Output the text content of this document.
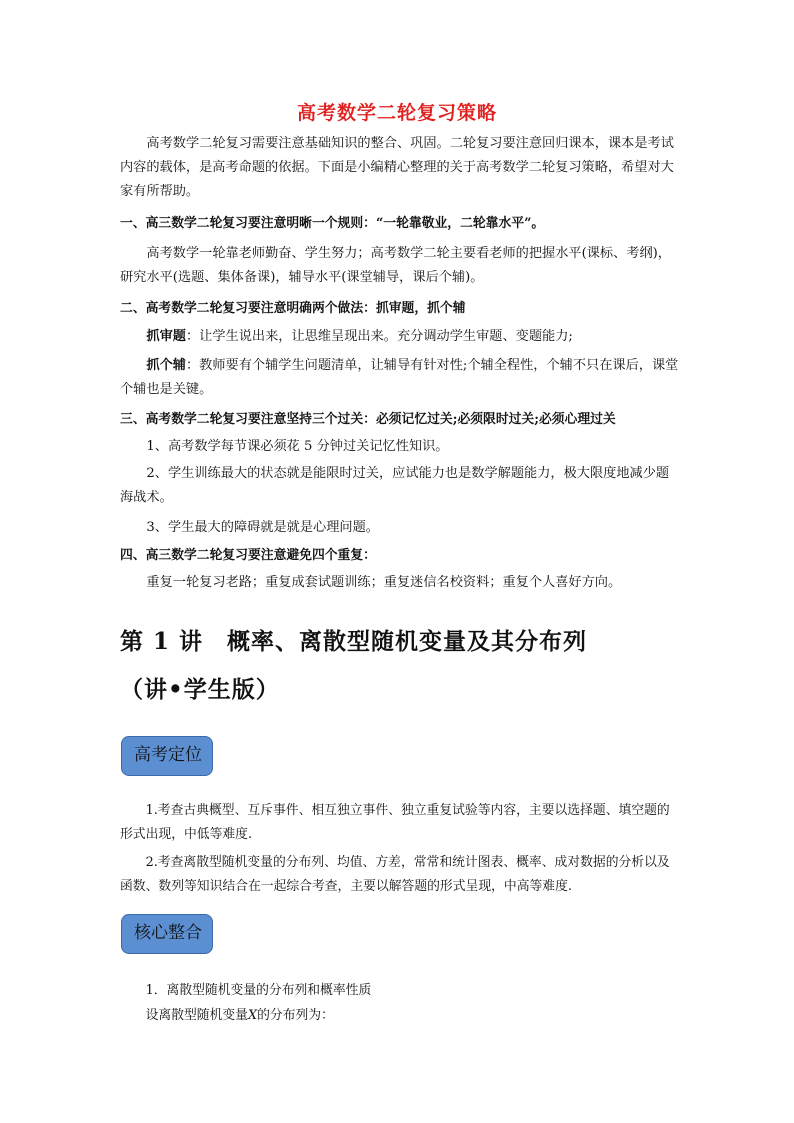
高考数学二轮复习策略
高考数学二轮复习需要注意基础知识的整合、巩固。二轮复习要注意回归课本，课本是考试内容的载体，是高考命题的依据。下面是小编精心整理的关于高考数学二轮复习策略，希望对大家有所帮助。
一、高三数学二轮复习要注意明晰一个规则：“一轮靠敬业，二轮靠水平”。
高考数学一轮靠老师勤奋、学生努力；高考数学二轮主要看老师的把握水平(课标、考纲)，研究水平(选题、集体备课)，辅导水平(课堂辅导，课后个辅)。
二、高考数学二轮复习要注意明确两个做法：抓审题，抓个辅
抓审题：让学生说出来，让思维呈现出来。充分调动学生审题、变题能力;
抓个辅：教师要有个辅学生问题清单，让辅导有针对性;个辅全程性，个辅不只在课后，课堂个辅也是关键。
三、高考数学二轮复习要注意坚持三个过关：必须记忆过关;必须限时过关;必须心理过关
1、高考数学每节课必须花 5 分钟过关记忆性知识。
2、学生训练最大的状态就是能限时过关，应试能力也是数学解题能力，极大限度地减少题海战术。
3、学生最大的障碍就是就是心理问题。
四、高三数学二轮复习要注意避免四个重复：
重复一轮复习老路；重复成套试题训练；重复迷信名校资料；重复个人喜好方向。
第 1 讲　概率、离散型随机变量及其分布列
（讲•学生版）
高考定位
1.考查古典概型、互斥事件、相互独立事件、独立重复试验等内容，主要以选择题、填空题的形式出现，中低等难度.
2.考查离散型随机变量的分布列、均值、方差，常常和统计图表、概率、成对数据的分析以及函数、数列等知识结合在一起综合考查，主要以解答题的形式呈现，中高等难度.
核心整合
1．离散型随机变量的分布列和概率性质
设离散型随机变量X的分布列为：
